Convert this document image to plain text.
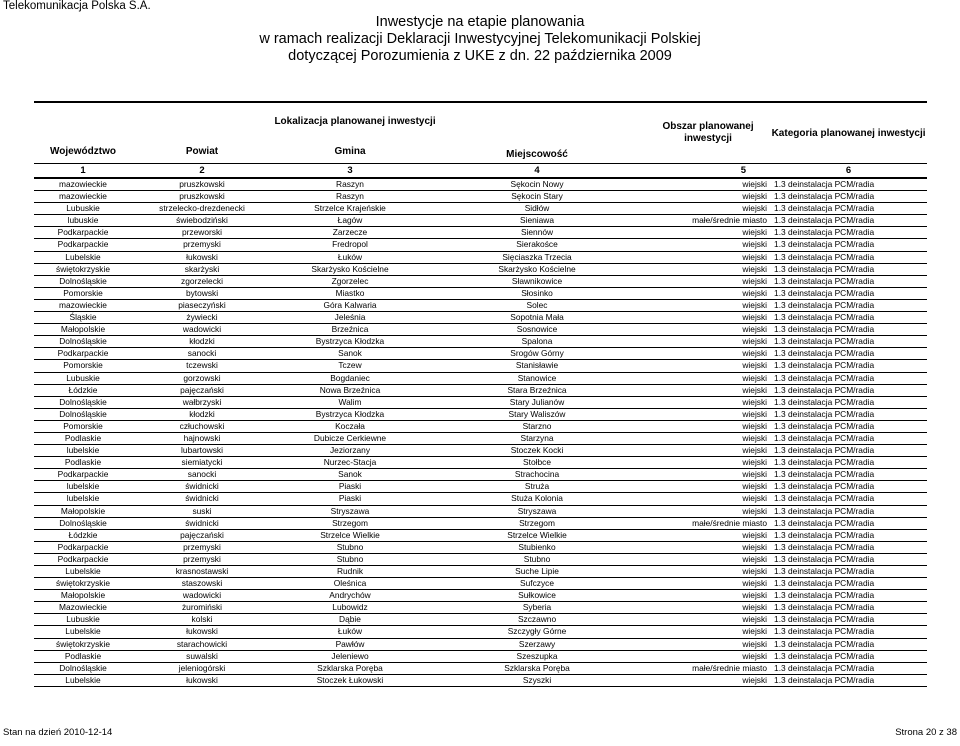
Telekomunikacja Polska S.A.
Inwestycje na etapie planowania
w ramach realizacji Deklaracji Inwestycyjnej Telekomunikacji Polskiej
dotyczącej Porozumienia z UKE z dn. 22 października 2009
Lokalizacja planowanej inwestycji				Obszar planowanej inwestycji	Kategoria planowanej inwestycji
Województwo	Powiat	Gmina	Miejscowość		
1	2	3	4	5	6
mazowieckie	pruszkowski	Raszyn	Sękocin Nowy	wiejski	1.3 deinstalacja PCM/radia
mazowieckie	pruszkowski	Raszyn	Sękocin Stary	wiejski	1.3 deinstalacja PCM/radia
Lubuskie	strzelecko-drezdenecki	Strzelce Krajeńskie	Sidłów	wiejski	1.3 deinstalacja PCM/radia
lubuskie	świebodziński	Łagów	Sieniawa	małe/średnie miasto	1.3 deinstalacja PCM/radia
Podkarpackie	przeworski	Zarzecze	Siennów	wiejski	1.3 deinstalacja PCM/radia
Podkarpackie	przemyski	Fredropol	Sierakośce	wiejski	1.3 deinstalacja PCM/radia
Lubelskie	łukowski	Łuków	Sięciaszka Trzecia	wiejski	1.3 deinstalacja PCM/radia
świętokrzyskie	skarżyski	Skarżysko Kościelne	Skarżysko Kościelne	wiejski	1.3 deinstalacja PCM/radia
Dolnośląskie	zgorzelecki	Zgorzelec	Sławnikowice	wiejski	1.3 deinstalacja PCM/radia
Pomorskie	bytowski	Miastko	Słosinko	wiejski	1.3 deinstalacja PCM/radia
mazowieckie	piaseczyński	Góra Kalwaria	Solec	wiejski	1.3 deinstalacja PCM/radia
Śląskie	żywiecki	Jeleśnia	Sopotnia Mała	wiejski	1.3 deinstalacja PCM/radia
Małopolskie	wadowicki	Brzeźnica	Sosnowice	wiejski	1.3 deinstalacja PCM/radia
Dolnośląskie	kłodzki	Bystrzyca Kłodzka	Spalona	wiejski	1.3 deinstalacja PCM/radia
Podkarpackie	sanocki	Sanok	Srogów Górny	wiejski	1.3 deinstalacja PCM/radia
Pomorskie	tczewski	Tczew	Stanisławie	wiejski	1.3 deinstalacja PCM/radia
Lubuskie	gorzowski	Bogdaniec	Stanowice	wiejski	1.3 deinstalacja PCM/radia
Łódzkie	pajęczański	Nowa Brzeźnica	Stara Brzeźnica	wiejski	1.3 deinstalacja PCM/radia
Dolnośląskie	wałbrzyski	Walim	Stary Julianów	wiejski	1.3 deinstalacja PCM/radia
Dolnośląskie	kłodzki	Bystrzyca Kłodzka	Stary Waliszów	wiejski	1.3 deinstalacja PCM/radia
Pomorskie	człuchowski	Koczała	Starzno	wiejski	1.3 deinstalacja PCM/radia
Podlaskie	hajnowski	Dubicze Cerkiewne	Starzyna	wiejski	1.3 deinstalacja PCM/radia
lubelskie	lubartowski	Jeziorzany	Stoczek Kocki	wiejski	1.3 deinstalacja PCM/radia
Podlaskie	siemiatycki	Nurzec-Stacja	Stołbce	wiejski	1.3 deinstalacja PCM/radia
Podkarpackie	sanocki	Sanok	Strachocina	wiejski	1.3 deinstalacja PCM/radia
lubelskie	świdnicki	Piaski	Struża	wiejski	1.3 deinstalacja PCM/radia
lubelskie	świdnicki	Piaski	Stuża Kolonia	wiejski	1.3 deinstalacja PCM/radia
Małopolskie	suski	Stryszawa	Stryszawa	wiejski	1.3 deinstalacja PCM/radia
Dolnośląskie	świdnicki	Strzegom	Strzegom	małe/średnie miasto	1.3 deinstalacja PCM/radia
Łódzkie	pajęczański	Strzelce Wielkie	Strzelce Wielkie	wiejski	1.3 deinstalacja PCM/radia
Podkarpackie	przemyski	Stubno	Stubienko	wiejski	1.3 deinstalacja PCM/radia
Podkarpackie	przemyski	Stubno	Stubno	wiejski	1.3 deinstalacja PCM/radia
Lubelskie	krasnostawski	Rudnik	Suche Lipie	wiejski	1.3 deinstalacja PCM/radia
świętokrzyskie	staszowski	Oleśnica	Sufczyce	wiejski	1.3 deinstalacja PCM/radia
Małopolskie	wadowicki	Andrychów	Sułkowice	wiejski	1.3 deinstalacja PCM/radia
Mazowieckie	żuromiński	Lubowidz	Syberia	wiejski	1.3 deinstalacja PCM/radia
Lubuskie	kolski	Dąbie	Szczawno	wiejski	1.3 deinstalacja PCM/radia
Lubelskie	łukowski	Łuków	Szczygły Górne	wiejski	1.3 deinstalacja PCM/radia
świętokrzyskie	starachowicki	Pawłów	Szerzawy	wiejski	1.3 deinstalacja PCM/radia
Podlaskie	suwalski	Jeleniewo	Szeszupka	wiejski	1.3 deinstalacja PCM/radia
Dolnośląskie	jeleniogórski	Szklarska Poręba	Szklarska Poręba	małe/średnie miasto	1.3 deinstalacja PCM/radia
Lubelskie	łukowski	Stoczek Łukowski	Szyszki	wiejski	1.3 deinstalacja PCM/radia
Stan na dzień 2010-12-14	Strona 20 z 38
